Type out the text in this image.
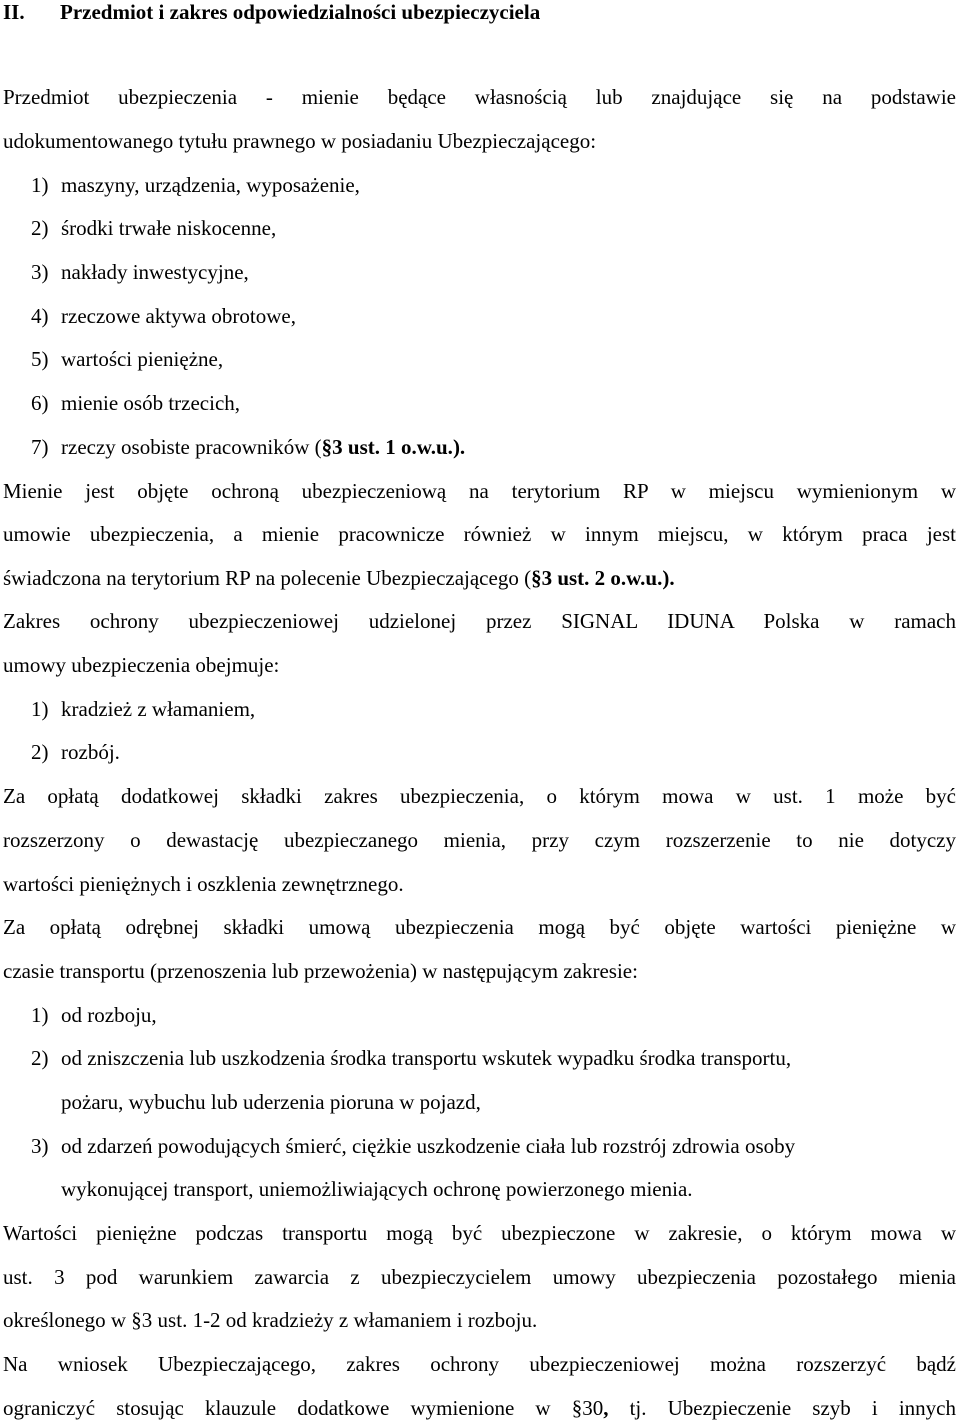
II. Przedmiot i zakres odpowiedzialności ubezpieczyciela
Przedmiot ubezpieczenia - mienie będące własnością lub znajdujące się na podstawie
udokumentowanego tytułu prawnego w posiadaniu Ubezpieczającego:
1) maszyny, urządzenia, wyposażenie,
2) środki trwałe niskocenne,
3) nakłady inwestycyjne,
4) rzeczowe aktywa obrotowe,
5) wartości pieniężne,
6) mienie osób trzecich,
7) rzeczy osobiste pracowników (§3 ust. 1 o.w.u.).
Mienie jest objęte ochroną ubezpieczeniową na terytorium RP w miejscu wymienionym w
umowie ubezpieczenia, a mienie pracownicze również w innym miejscu, w którym praca jest
świadczona na terytorium RP na polecenie Ubezpieczającego (§3 ust. 2 o.w.u.).
Zakres ochrony ubezpieczeniowej udzielonej przez SIGNAL IDUNA Polska w ramach
umowy ubezpieczenia obejmuje:
1) kradzież z włamaniem,
2) rozbój.
Za opłatą dodatkowej składki zakres ubezpieczenia, o którym mowa w ust. 1 może być
rozszerzony o dewastację ubezpieczanego mienia, przy czym rozszerzenie to nie dotyczy
wartości pieniężnych i oszklenia zewnętrznego.
Za opłatą odrębnej składki umową ubezpieczenia mogą być objęte wartości pieniężne w
czasie transportu (przenoszenia lub przewożenia) w następującym zakresie:
1) od rozboju,
2) od zniszczenia lub uszkodzenia środka transportu wskutek wypadku środka transportu,
pożaru, wybuchu lub uderzenia pioruna w pojazd,
3) od zdarzeń powodujących śmierć, ciężkie uszkodzenie ciała lub rozstrój zdrowia osoby
wykonującej transport, uniemożliwiających ochronę powierzonego mienia.
Wartości pieniężne podczas transportu mogą być ubezpieczone w zakresie, o którym mowa w
ust. 3 pod warunkiem zawarcia z ubezpieczycielem umowy ubezpieczenia pozostałego mienia
określonego w §3 ust. 1-2 od kradzieży z włamaniem i rozboju.
Na wniosek Ubezpieczającego, zakres ochrony ubezpieczeniowej można rozszerzyć bądź
ograniczyć stosując klauzule dodatkowe wymienione w §30, tj. Ubezpieczenie szyb i innych
